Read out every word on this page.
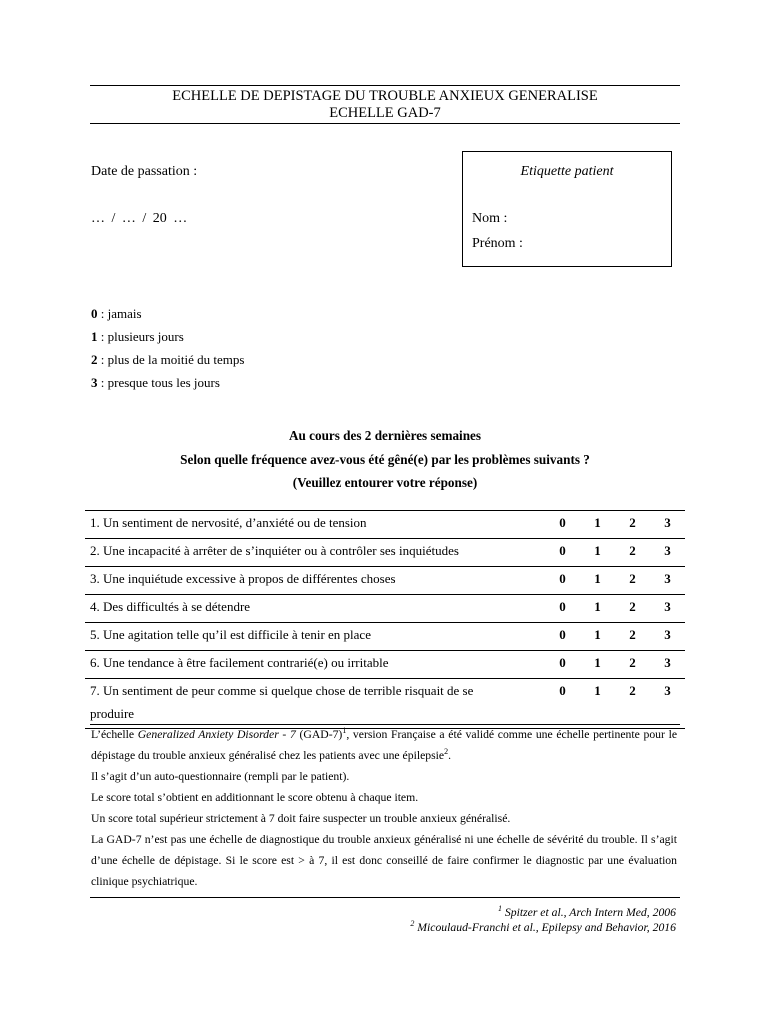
ECHELLE DE DEPISTAGE DU TROUBLE ANXIEUX GENERALISE
ECHELLE GAD-7
Date de passation :
… / … / 20 …
Etiquette patient
Nom :
Prénom :
0 : jamais
1 : plusieurs jours
2 : plus de la moitié du temps
3 : presque tous les jours
Au cours des 2 dernières semaines
Selon quelle fréquence avez-vous été gêné(e) par les problèmes suivants ?
(Veuillez entourer votre réponse)
1. Un sentiment de nervosité, d’anxiété ou de tension	0	1	2	3

2. Une incapacité à arrêter de s’inquiéter ou à contrôler ses inquiétudes	0	1	2	3

3. Une inquiétude excessive à propos de différentes choses	0	1	2	3

4. Des difficultés à se détendre	0	1	2	3

5. Une agitation telle qu’il est difficile à tenir en place	0	1	2	3

6. Une tendance à être facilement contrarié(e) ou irritable	0	1	2	3

7. Un sentiment de peur comme si quelque chose de terrible risquait de se
produire	0	1	2	3

L’échelle Generalized Anxiety Disorder - 7 $(GAD-7)^1$, version Française a été validé comme une échelle pertinente pour le dépistage du trouble anxieux généralisé chez les patients avec une épilepsie$^2$.

Il s’agit d’un auto-questionnaire (rempli par le patient).

Le score total s’obtient en additionnant le score obtenu à chaque item.

Un score total supérieur strictement à 7 doit faire suspecter un trouble anxieux généralisé.

La GAD-7 n’est pas une échelle de diagnostique du trouble anxieux généralisé ni une échelle de sévérité du trouble. Il s’agit d’une échelle de dépistage. Si le score est > à 7, il est donc conseillé de faire confirmer le diagnostic par une évaluation clinique psychiatrique.

$^1$ Spitzer et al., Arch Intern Med, 2006
$^2$ Micoulaud-Franchi et al., Epilepsy and Behavior, 2016
